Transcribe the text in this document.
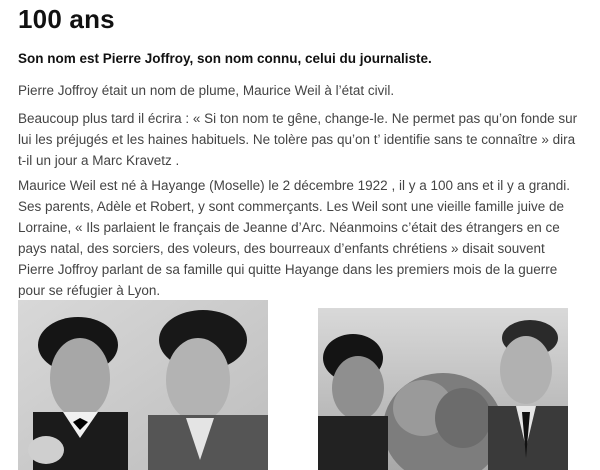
100 ans

Son nom est Pierre Joffroy, son nom connu, celui du journaliste.

Pierre Joffroy était un nom de plume, Maurice Weil à l’état civil.

Beaucoup plus tard il écrira : « Si ton nom te gêne, change-le. Ne permet pas qu’on fonde sur lui les préjugés et les haines habituels. Ne tolère pas qu’on t’ identifie sans te connaître » dira t-il un jour a Marc Kravetz .

Maurice Weil est né à Hayange (Moselle) le 2 décembre 1922 , il y a 100 ans et il y a grandi. Ses parents, Adèle et Robert, y sont commerçants. Les Weil sont une vieille famille juive de Lorraine, « Ils parlaient le français de Jeanne d’Arc. Néanmoins c’était des étrangers en ce pays natal, des sorciers, des voleurs, des bourreaux d’enfants chrétiens » disait souvent Pierre Joffroy parlant de sa famille qui quitte Hayange dans les premiers mois de la guerre pour se réfugier à Lyon.
